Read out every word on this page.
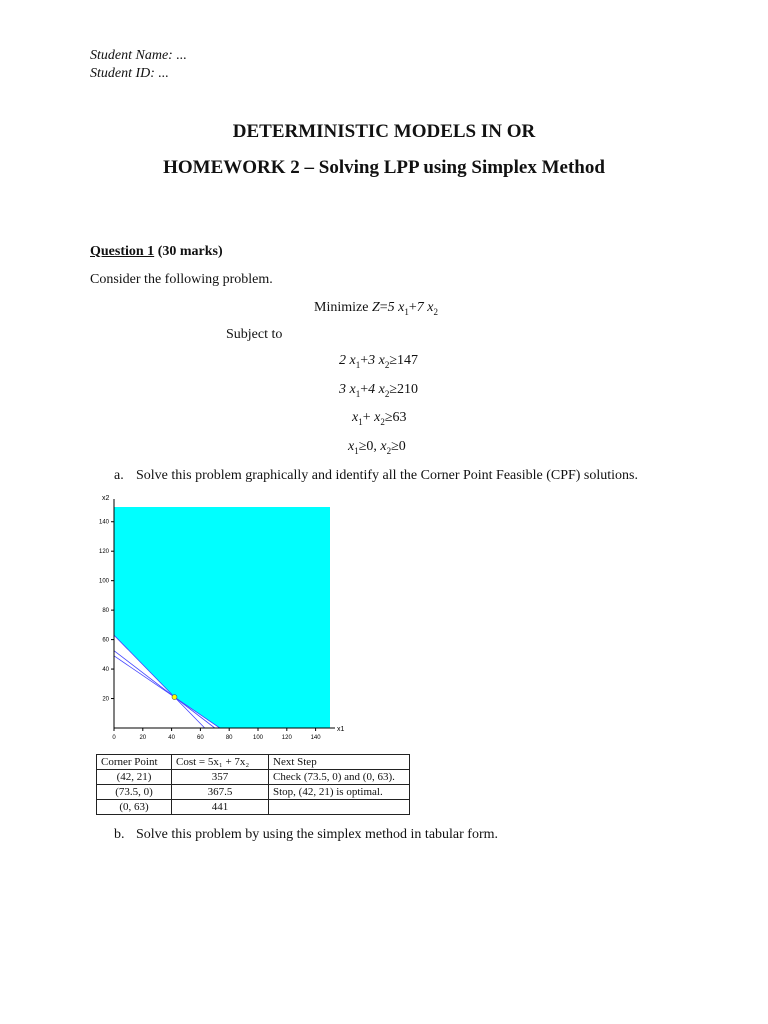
Student Name: ...
Student ID: ...
DETERMINISTIC MODELS IN OR
HOMEWORK 2 – Solving LPP using Simplex Method
Question 1 (30 marks)
Consider the following problem.
Minimize Z=5 $x_1+7$ $x_2$
Subject to
2 $x_1+3$ $x_2\ge 147$
3 $x_1+4$ $x_2\ge 210$
$x_1+ x_2\ge 63$
$x_1\ge 0$, $x_2\ge 0$
a. Solve this problem graphically and identify all the Corner Point Feasible (CPF) solutions.
0	20	40	60	80	100	120	140
20
40
60
80
100
120
140
x1
x2
Corner Point	Cost = 5x₁ + 7x₂	Next Step
(42, 21)	357	Check (73.5, 0) and (0, 63).
(73.5, 0)	367.5	Stop, (42, 21) is optimal.
(0, 63)	441	
b. Solve this problem by using the simplex method in tabular form.
